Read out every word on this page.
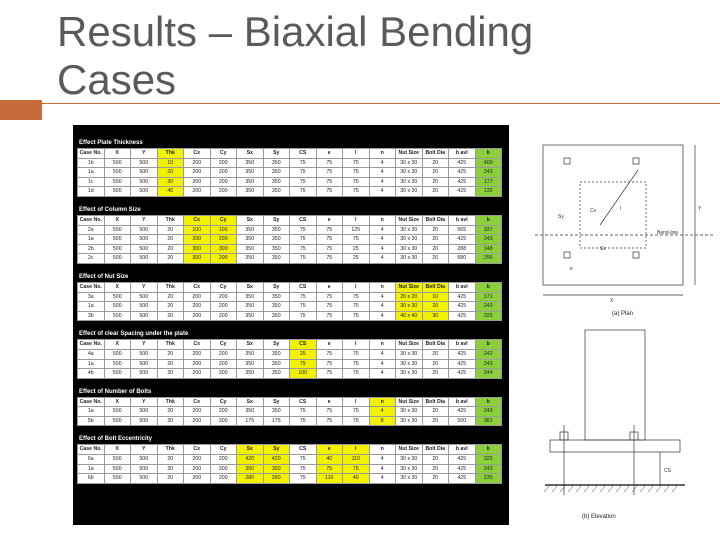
Results – Biaxial Bending
Cases
Effect Plate Thickness
Case No.	X	Y	Thk	Cx	Cy	Sx	Sy	CS	e	l	n	Nut Size	Bolt Dia	b avl	b
1b	500	500	10	200	200	350	350	75	75	75	4	30 x 30	20	425	400
1a	500	500	20	200	200	350	350	75	75	75	4	30 x 30	20	425	243
1c	500	500	30	200	200	350	350	75	75	75	4	30 x 30	20	425	177
1d	500	500	40	200	200	350	350	75	75	75	4	30 x 30	20	425	132
Effect of Column Size
Case No.	X	Y	Thk	Cx	Cy	Sx	Sy	CS	e	l	n	Nut Size	Bolt Dia	b avl	b
2a	500	500	20	100	100	350	350	75	75	125	4	30 x 30	20	565	337
1a	500	500	20	200	200	350	350	75	75	75	4	30 x 30	20	425	243
2b	500	500	20	300	300	350	350	75	75	25	4	30 x 30	20	288	148
2c	500	500	20	300	200	350	350	75	75	25	4	30 x 30	20	580	256
Effect of Nut Size
Case No.	X	Y	Thk	Cx	Cy	Sx	Sy	CS	e	l	n	Nut Size	Bolt Dia	b avl	b
3a	500	500	20	200	200	350	350	75	75	75	4	20 x 20	10	425	171
1a	500	500	20	200	200	350	350	75	75	75	4	30 x 30	20	425	243
3b	500	500	20	200	200	350	350	75	75	75	4	40 x 40	30	425	325
Effect of clear Spacing under the plate
Case No.	X	Y	Thk	Cx	Cy	Sx	Sy	CS	e	l	n	Nut Size	Bolt Dia	b avl	b
4a	500	500	20	200	200	350	350	25	75	75	4	30 x 30	20	425	242
1a	500	500	20	200	200	350	350	75	75	75	4	30 x 30	20	425	243
4b	500	500	20	200	200	350	350	100	75	75	4	30 x 30	20	425	244
Effect of Number of Bolts
Case No.	X	Y	Thk	Cx	Cy	Sx	Sy	CS	e	l	n	Nut Size	Bolt Dia	b avl	b
1a	500	500	20	200	200	350	350	75	75	75	4	30 x 30	20	425	243
5b	500	500	20	200	200	175	175	75	75	75	8	30 x 30	20	500	381
Effect of Bolt Eccentricity
Case No.	X	Y	Thk	Cx	Cy	Sx	Sy	CS	e	l	n	Nut Size	Bolt Dia	b avl	b
6a	500	500	20	200	200	420	420	75	40	110	4	30 x 30	20	425	325
1a	500	500	20	200	200	350	350	75	75	75	4	30 x 30	20	425	243
6b	500	500	20	200	200	280	280	75	110	40	4	30 x 30	20	425	235
Sy
Cx
Sx
X
Y
e
l
Bend-line
(a) Plan
CS
(b) Elevation
